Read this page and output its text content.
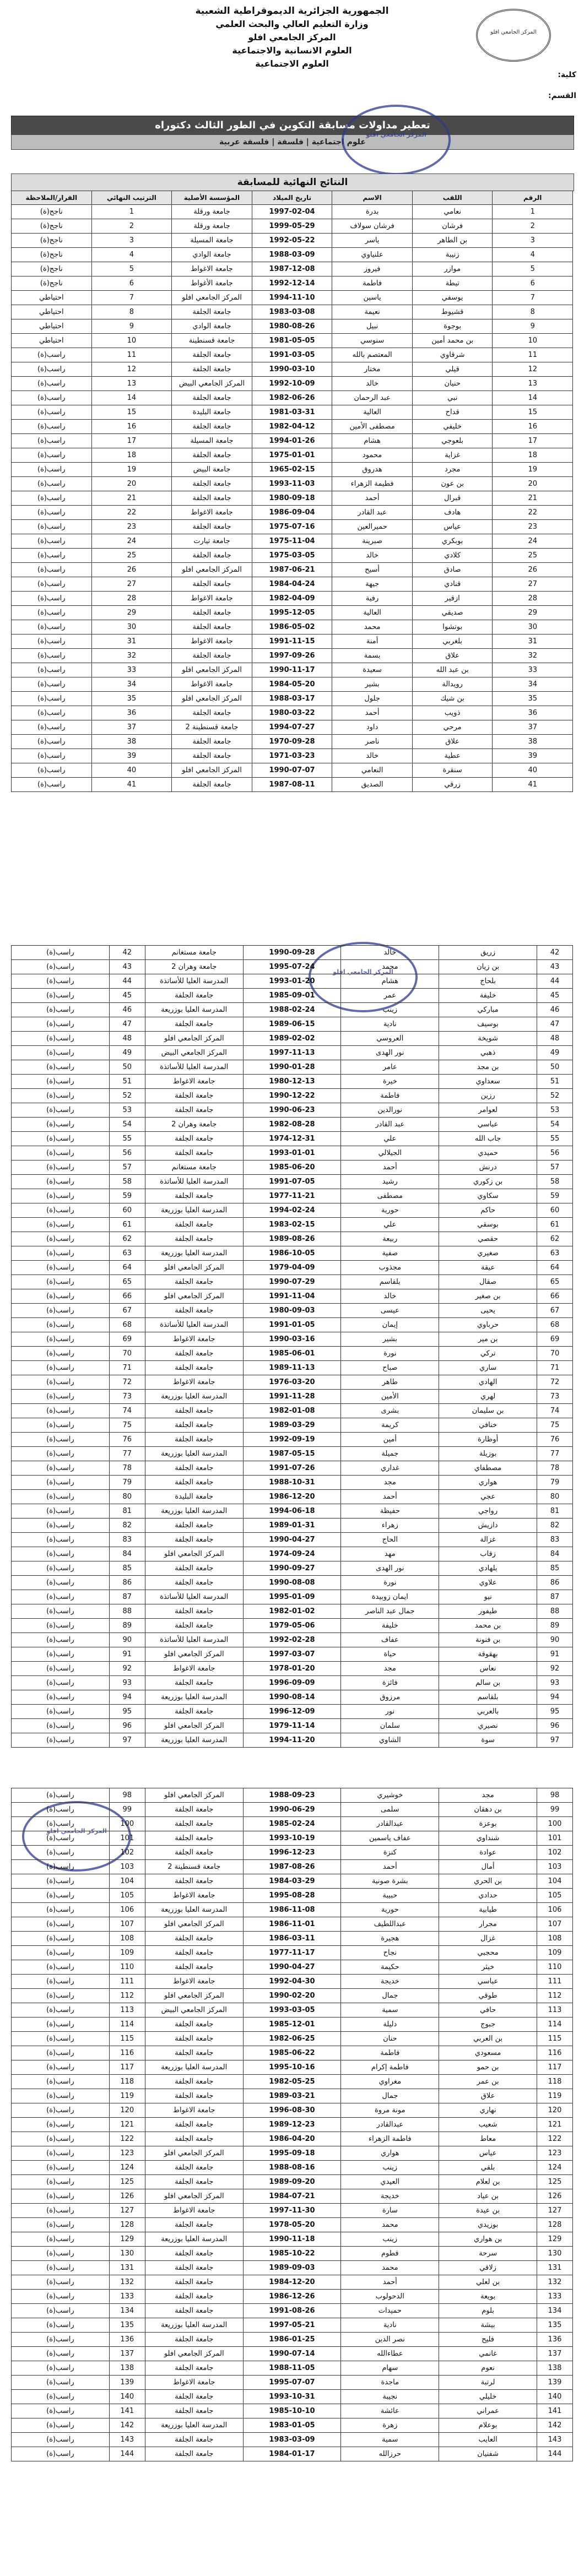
المركز الجامعي افلو
الجمهورية الجزائرية الديموقراطية الشعبية
وزارة التعليم العالي والبحث العلمي
المركز الجامعي افلو
العلوم الانسانية والاجتماعية
العلوم الاجتماعية
كلية:
القسم:
تعطير مداولات مسابقة التكوين في الطور الثالث دكتوراه
علوم اجتماعية | فلسفة | فلسفة عربية
المركز الجامعي افلو
النتائج النهائية للمسابقة
الرقم	اللقب	الاسم	تاريخ الميلاد	المؤسسة الأصلية	الترتيب النهائي	القرار/الملاحظة
1	نعامي	بدرة	1997-02-04	جامعة ورقلة	1	ناجح(ة)
2	فرشان	فرشان سولاف	1999-05-29	جامعة ورقلة	2	ناجح(ة)
3	بن الطاهر	ياسر	1992-05-22	جامعة المسيلة	3	ناجح(ة)
4	زنيبة	علنياوي	1988-03-09	جامعة الوادي	4	ناجح(ة)
5	موازر	فيروز	1987-12-08	جامعة الاغواط	5	ناجح(ة)
6	تيطة	فاطمة	1992-12-14	جامعة الأغواط	6	ناجح(ة)
7	يوسفي	ياسين	1994-11-10	المركز الجامعي افلو	7	احتياطي
8	قشيوط	نعيمة	1983-03-08	جامعة الجلفة	8	احتياطي
9	بوجوة	نبيل	1980-08-26	جامعة الوادي	9	احتياطي
10	بن محمد أمين	سنوسي	1981-05-05	جامعة قسنطينة	10	احتياطي
11	شرقاوي	المعتصم بالله	1991-03-05	جامعة الجلفة	11	راسب(ة)
12	قيلي	مختار	1990-03-10	جامعة الجلفة	12	راسب(ة)
13	حنيان	خالد	1992-10-09	المركز الجامعي البيض	13	راسب(ة)
14	نبي	عبد الرحمان	1982-06-26	جامعة الجلفة	14	راسب(ة)
15	قداح	العالية	1981-03-31	جامعة البليدة	15	راسب(ة)
16	خليفي	مصطفى الأمين	1982-04-12	جامعة الجلفة	16	راسب(ة)
17	بلعوجي	هشام	1994-01-26	جامعة المسيلة	17	راسب(ة)
18	غزاية	محمود	1975-01-01	جامعة الجلفة	18	راسب(ة)
19	مجرد	هدروق	1965-02-15	جامعة البيض	19	راسب(ة)
20	بن عون	فطيمة الزهراء	1993-11-03	جامعة الجلفة	20	راسب(ة)
21	قبرال	أحمد	1980-09-18	جامعة الجلفة	21	راسب(ة)
22	هادف	عبد القادر	1986-09-04	جامعة الاغواط	22	راسب(ة)
23	عياس	حميرالعين	1975-07-16	جامعة الجلفة	23	راسب(ة)
24	بوبكري	صبرينة	1975-11-04	جامعة تيارت	24	راسب(ة)
25	كلادي	خالد	1975-03-05	جامعة الجلفة	25	راسب(ة)
26	صادق	أسيح	1987-06-21	المركز الجامعي افلو	26	راسب(ة)
27	قنادي	جيهة	1984-04-24	جامعة الجلفة	27	راسب(ة)
28	ازقير	رفية	1982-04-09	جامعة الاغواط	28	راسب(ة)
29	صديقي	العالية	1995-12-05	جامعة الجلفة	29	راسب(ة)
30	بوتشوا	محمد	1986-05-02	جامعة الجلفة	30	راسب(ة)
31	بلغربي	أمنة	1991-11-15	جامعة الاغواط	31	راسب(ة)
32	علاق	بسمة	1997-09-26	جامعة الجلفة	32	راسب(ة)
33	بن عبد الله	سعيدة	1990-11-17	المركز الجامعي افلو	33	راسب(ة)
34	رويدالة	بشير	1984-05-20	جامعة الاغواط	34	راسب(ة)
35	بن شيك	جلول	1988-03-17	المركز الجامعي افلو	35	راسب(ة)
36	ذويب	أحمد	1980-03-22	جامعة الجلفة	36	راسب(ة)
37	مرحي	داود	1994-07-27	جامعة قسنطينة 2	37	راسب(ة)
38	علاق	ناصر	1970-09-28	جامعة الجلفة	38	راسب(ة)
39	عطية	خالد	1971-03-23	جامعة الجلفة	39	راسب(ة)
40	سنقرة	النعامي	1990-07-07	المركز الجامعي افلو	40	راسب(ة)
41	زرقي	الصديق	1987-08-11	جامعة الجلفة	41	راسب(ة)
المركز الجامعي افلو
42	زريق	خالد	1990-09-28	جامعة مستغانم	42	راسب(ة)
43	بن زيان	محمد	1995-07-24	جامعة وهران 2	43	راسب(ة)
44	بلحاج	هشام	1993-01-20	المدرسة العليا للأساتذة	44	راسب(ة)
45	خليفة	عمر	1985-09-01	جامعة الجلفة	45	راسب(ة)
46	مباركي	زينب	1988-02-24	المدرسة العليا بوزريعة	46	راسب(ة)
47	بوسيف	نادية	1989-06-15	جامعة الجلفة	47	راسب(ة)
48	شويخة	العروسي	1989-02-02	المركز الجامعي افلو	48	راسب(ة)
49	ذهبي	نور الهدى	1997-11-13	المركز الجامعي البيض	49	راسب(ة)
50	بن مجد	عامر	1990-01-28	المدرسة العليا للأساتذة	50	راسب(ة)
51	سعداوي	خيرة	1980-12-13	جامعة الاغواط	51	راسب(ة)
52	رزين	فاطمة	1990-12-22	جامعة الجلفة	52	راسب(ة)
53	لعوامر	نورالدين	1990-06-23	جامعة الجلفة	53	راسب(ة)
54	عباسي	عبد القادر	1982-08-28	جامعة وهران 2	54	راسب(ة)
55	جاب الله	علي	1974-12-31	جامعة الجلفة	55	راسب(ة)
56	حميدي	الجيلالي	1993-01-01	جامعة الجلفة	56	راسب(ة)
57	درنش	أحمد	1985-06-20	جامعة مستغانم	57	راسب(ة)
58	بن زكوري	رشيد	1991-07-05	المدرسة العليا للأساتذة	58	راسب(ة)
59	سكاوي	مصطفى	1977-11-21	جامعة الجلفة	59	راسب(ة)
60	حاكم	حورية	1994-02-24	المدرسة العليا بوزريعة	60	راسب(ة)
61	بوسقي	علي	1983-02-15	جامعة الجلفة	61	راسب(ة)
62	حقصي	ربيعة	1989-08-26	جامعة الجلفة	62	راسب(ة)
63	صغيري	صفية	1986-10-05	المدرسة العليا بوزريعة	63	راسب(ة)
64	عيقة	مجذوب	1979-04-09	المركز الجامعي افلو	64	راسب(ة)
65	صقال	بلقاسم	1990-07-29	جامعة الجلفة	65	راسب(ة)
66	بن صغير	خالد	1991-11-04	المركز الجامعي افلو	66	راسب(ة)
67	يحيى	عيسى	1980-09-03	جامعة الجلفة	67	راسب(ة)
68	حرباوي	إيمان	1991-01-05	المدرسة العليا للأساتذة	68	راسب(ة)
69	بن مير	بشير	1990-03-16	جامعة الاغواط	69	راسب(ة)
70	تركي	نورة	1985-06-01	جامعة الجلفة	70	راسب(ة)
71	ساري	صباح	1989-11-13	جامعة الجلفة	71	راسب(ة)
72	الهادي	طاهر	1976-03-20	جامعة الاغواط	72	راسب(ة)
73	لهري	الأمين	1991-11-28	المدرسة العليا بوزريعة	73	راسب(ة)
74	بن سليمان	بشرى	1982-01-08	جامعة الجلفة	74	راسب(ة)
75	خنافي	كريمة	1989-03-29	جامعة الجلفة	75	راسب(ة)
76	أوظارة	أمين	1992-09-19	جامعة الجلفة	76	راسب(ة)
77	بوزيلة	جميلة	1987-05-15	المدرسة العليا بوزريعة	77	راسب(ة)
78	مصطفاي	غداري	1991-07-26	جامعة الجلفة	78	راسب(ة)
79	هواري	مجد	1988-10-31	جامعة الجلفة	79	راسب(ة)
80	عجي	أحمد	1986-12-20	جامعة البليدة	80	راسب(ة)
81	رواجي	حفيظة	1994-06-18	المدرسة العليا بوزريعة	81	راسب(ة)
82	دازيش	زهراء	1989-01-31	جامعة الجلفة	82	راسب(ة)
83	غزالة	الحاج	1990-04-27	جامعة الجلفة	83	راسب(ة)
84	زقاب	مهد	1974-09-24	المركز الجامعي افلو	84	راسب(ة)
85	بلهادي	نور الهدى	1990-09-27	جامعة الجلفة	85	راسب(ة)
86	علاوي	نورة	1990-08-08	جامعة الجلفة	86	راسب(ة)
87	نيو	ايمان زوبيدة	1995-01-09	المدرسة العليا للأساتذة	87	راسب(ة)
88	طيفور	جمال عبد الناصر	1982-01-02	جامعة الجلفة	88	راسب(ة)
89	بن محمد	خليفة	1979-05-06	جامعة الجلفة	89	راسب(ة)
90	بن فنونة	عفاف	1992-02-28	المدرسة العليا للأساتذة	90	راسب(ة)
91	بهقوقة	حياة	1997-03-07	المركز الجامعي افلو	91	راسب(ة)
92	نعاس	مجد	1978-01-20	جامعة الاغواط	92	راسب(ة)
93	بن سالم	فائزة	1996-09-09	جامعة الجلفة	93	راسب(ة)
94	بلقاسم	مرزوق	1990-08-14	المدرسة العليا بوزريعة	94	راسب(ة)
95	بالعربي	نور	1996-12-09	جامعة الجلفة	95	راسب(ة)
96	نصيري	سلمان	1979-11-14	المركز الجامعي افلو	96	راسب(ة)
97	سوة	الشاوي	1994-11-20	المدرسة العليا بوزريعة	97	راسب(ة)
المركز الجامعي افلو
98	مجد	خوشيري	1988-09-23	المركز الجامعي افلو	98	راسب(ة)
99	بن دهقان	سلمى	1990-06-29	جامعة الجلفة	99	راسب(ة)
100	بوعزة	عبدالقادر	1985-02-24	جامعة الجلفة	100	راسب(ة)
101	شنداوي	عفاف ياسمين	1993-10-19	جامعة الجلفة	101	راسب(ة)
102	عوادة	كنزة	1996-12-23	جامعة الجلفة	102	راسب(ة)
103	أمال	أحمد	1987-08-26	جامعة قسنطينة 2	103	راسب(ة)
104	بن الحري	بشرة صونية	1984-03-29	جامعة الجلفة	104	راسب(ة)
105	حدادي	حبيبة	1995-08-28	جامعة الاغواط	105	راسب(ة)
106	طيابية	حورية	1986-11-08	المدرسة العليا بوزريعة	106	راسب(ة)
107	مجرار	عبداللطيف	1986-11-01	المركز الجامعي افلو	107	راسب(ة)
108	غزال	هجيرة	1986-03-11	جامعة الجلفة	108	راسب(ة)
109	محجبي	نجاح	1977-11-17	جامعة الجلفة	109	راسب(ة)
110	خيثر	حكيمة	1990-04-27	جامعة الجلفة	110	راسب(ة)
111	عباسي	خديجة	1992-04-30	جامعة الاغواط	111	راسب(ة)
112	طوقي	جمال	1990-02-20	المركز الجامعي افلو	112	راسب(ة)
113	حافي	سمية	1993-03-05	المركز الجامعي البيض	113	راسب(ة)
114	جبوج	دليلة	1985-12-01	جامعة الجلفة	114	راسب(ة)
115	بن العربي	حنان	1982-06-25	جامعة الجلفة	115	راسب(ة)
116	مسعودي	فاطمة	1985-06-22	جامعة الجلفة	116	راسب(ة)
117	بن حمو	فاطمة إكرام	1995-10-16	المدرسة العليا بوزريعة	117	راسب(ة)
118	بن عمر	مغراوي	1982-05-25	جامعة الجلفة	118	راسب(ة)
119	علاق	جمال	1989-03-21	جامعة الجلفة	119	راسب(ة)
120	نهاري	مونة مروة	1996-08-30	جامعة الاغواط	120	راسب(ة)
121	شعيب	عبدالقادر	1989-12-23	جامعة الجلفة	121	راسب(ة)
122	معاط	فاطمة الزهراء	1986-04-20	جامعة الجلفة	122	راسب(ة)
123	عياس	هواري	1995-09-18	المركز الجامعي افلو	123	راسب(ة)
124	بلقي	زينب	1988-08-16	جامعة الجلفة	124	راسب(ة)
125	بن لعلام	العيدي	1989-09-20	جامعة الجلفة	125	راسب(ة)
126	بن عياد	خديجة	1984-07-21	المركز الجامعي افلو	126	راسب(ة)
127	بن عيدة	سارة	1997-11-30	جامعة الاغواط	127	راسب(ة)
128	بوزيدي	محمد	1978-05-20	جامعة الجلفة	128	راسب(ة)
129	بن هواري	زينب	1990-11-18	المدرسة العليا بوزريعة	129	راسب(ة)
130	سرحة	قطوم	1985-10-22	جامعة الجلفة	130	راسب(ة)
131	زلاقي	محمد	1989-09-03	جامعة الجلفة	131	راسب(ة)
132	بن لعلي	أحمد	1984-12-20	جامعة الجلفة	132	راسب(ة)
133	بويعة	الدحولوب	1986-12-26	جامعة الجلفة	133	راسب(ة)
134	بلوم	حميدات	1991-08-26	جامعة الجلفة	134	راسب(ة)
135	بيشة	نادية	1997-05-21	المدرسة العليا بوزريعة	135	راسب(ة)
136	فليح	نصر الدين	1986-01-25	جامعة الجلفة	136	راسب(ة)
137	غانمي	عطاءالله	1990-07-14	المركز الجامعي افلو	137	راسب(ة)
138	نعوم	سهام	1988-11-05	جامعة الجلفة	138	راسب(ة)
139	لرتبة	ماجدة	1995-07-07	جامعة الاغواط	139	راسب(ة)
140	خليلي	نجيبة	1993-10-31	جامعة الجلفة	140	راسب(ة)
141	عمراني	عائشة	1985-10-10	جامعة الجلفة	141	راسب(ة)
142	بوعلام	زهرة	1983-01-05	المدرسة العليا بوزريعة	142	راسب(ة)
143	العايب	سمية	1983-03-09	جامعة الجلفة	143	راسب(ة)
144	شفنيان	حرزالله	1984-01-17	جامعة الجلفة	144	راسب(ة)
